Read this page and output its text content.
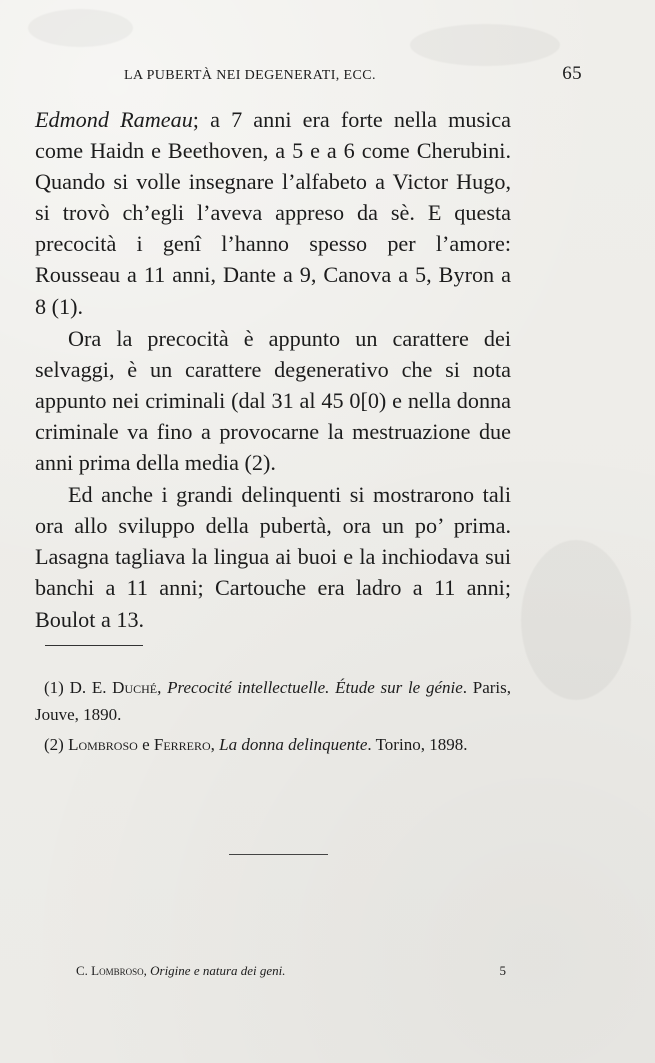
LA PUBERTÀ NEI DEGENERATI, ECC.	65

Edmond Rameau; a 7 anni era forte nella musica come Haidn e Beethoven, a 5 e a 6 come Cherubini. Quando si volle insegnare l’alfabeto a Victor Hugo, si trovò ch’egli l’aveva appreso da sè. E questa precocità i genî l’hanno spesso per l’amore: Rousseau a 11 anni, Dante a 9, Canova a 5, Byron a 8 (1).

Ora la precocità è appunto un carattere dei selvaggi, è un carattere degenerativo che si nota appunto nei criminali (dal 31 al 45 0[0) e nella donna criminale va fino a provocarne la mestruazione due anni prima della media (2).

Ed anche i grandi delinquenti si mostrarono tali ora allo sviluppo della pubertà, ora un po’ prima. Lasagna tagliava la lingua ai buoi e la inchiodava sui banchi a 11 anni; Cartouche era ladro a 11 anni; Boulot a 13.

(1) D. E. Duché, Precocité intellectuelle. Étude sur le génie. Paris, Jouve, 1890.

(2) Lombroso e Ferrero, La donna delinquente. Torino, 1898.

C. Lombroso, Origine e natura dei geni.	5
